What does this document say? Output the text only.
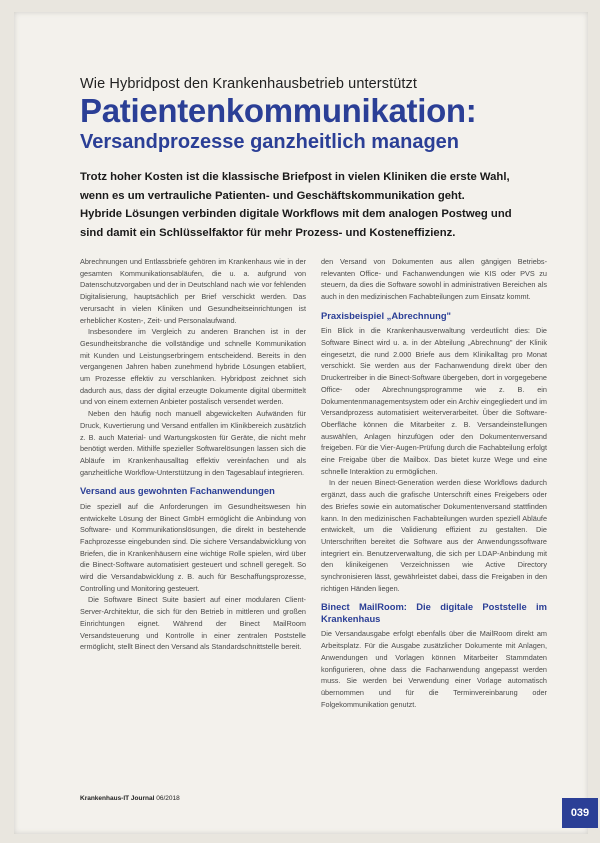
Wie Hybridpost den Krankenhausbetrieb unterstützt
Patientenkommunikation:
Versandprozesse ganzheitlich managen

Trotz hoher Kosten ist die klassische Briefpost in vielen Kliniken die erste Wahl,

wenn es um vertrauliche Patienten- und Geschäftskommunikation geht.

Hybride Lösungen verbinden digitale Workflows mit dem analogen Postweg und

sind damit ein Schlüsselfaktor für mehr Prozess- und Kosteneffizienz.

Abrechnungen und Entlassbriefe gehören im Krankenhaus wie in der gesamten Kommunikationsabläufen, die u. a. aufgrund von Datenschutzvorgaben und der in Deutschland nach wie vor fehlenden Digitalisierung, hauptsächlich per Brief verschickt werden. Das verursacht in vielen Kliniken und Gesundheitseinrichtungen ist erheblicher Kosten-, Zeit- und Personalaufwand.

Insbesondere im Vergleich zu anderen Branchen ist in der Gesundheitsbranche die vollständige und schnelle Kommunikation mit Kunden und Leistungserbringern entscheidend. Bereits in den vergangenen Jahren haben zunehmend hybride Lösungen etabliert, um Prozesse effektiv zu verschlanken. Hybridpost zeichnet sich dadurch aus, dass der digital erzeugte Dokumente digital übermittelt und von einem externen Anbieter postalisch versendet werden.

Neben den häufig noch manuell abgewickelten Aufwänden für Druck, Kuvertierung und Versand entfallen im Klinikbereich zusätzlich z. B. auch Material- und Wartungskosten für Geräte, die nicht mehr benötigt werden. Mithilfe spezieller Softwarelösungen lassen sich die Abläufe im Krankenhausalltag effektiv vereinfachen und als ganzheitliche Workflow-Unterstützung in den Tagesablauf integrieren.

Versand aus gewohnten Fachanwendungen

Die speziell auf die Anforderungen im Gesundheitswesen hin entwickelte Lösung der Binect GmbH ermöglicht die Anbindung von Software- und Kommunikationslösungen, die direkt in bestehende Fachprozesse eingebunden sind. Die sichere Versandabwicklung von Briefen, die in Krankenhäusern eine wichtige Rolle spielen, wird über die Binect-Software automatisiert gesteuert und schnell geregelt. So wird die Versandabwicklung z. B. auch für Beschaffungsprozesse, Controlling und Monitoring gesteuert.

Die Software Binect Suite basiert auf einer modularen Client-Server-Architektur, die sich für den Betrieb in mittleren und großen Einrichtungen eignet. Während der Binect MailRoom Versandsteuerung und Kontrolle in einer zentralen Poststelle ermöglicht, stellt Binect den Versand als Standardschnittstelle bereit.

den Versand von Dokumenten aus allen gängigen Betriebs-relevanten Office- und Fachanwendungen wie KIS oder PVS zu steuern, da dies die Software sowohl in administrativen Bereichen als auch in den medizinischen Fachabteilungen zum Einsatz kommt.

Praxisbeispiel „Abrechnung"

Ein Blick in die Krankenhausverwaltung verdeutlicht dies: Die Software Binect wird u. a. in der Abteilung „Abrechnung" der Klinik eingesetzt, die rund 2.000 Briefe aus dem Klinikalltag pro Monat verschickt. Sie werden aus der Fachanwendung direkt über den Druckertreiber in die Binect-Software übergeben, dort in vorgegebene Office- oder Abrechnungsprogramme wie z. B. ein Dokumentenmanagementsystem oder ein Archiv eingegliedert und im Versandprozess automatisiert weiterverarbeitet. Über die Software-Oberfläche können die Mitarbeiter z. B. Versandeinstellungen auswählen, Anlagen hinzufügen oder den Dokumentenversand freigeben. Für die Vier-Augen-Prüfung durch die Fachabteilung erfolgt eine Freigabe über die Mailbox. Das bietet kurze Wege und eine schnelle Interaktion zu ermöglichen.

In der neuen Binect-Generation werden diese Workflows dadurch ergänzt, dass auch die grafische Unterschrift eines Freigebers oder des Briefes sowie ein automatischer Dokumentenversand stattfinden kann. In den medizinischen Fachabteilungen wurden speziell Abläufe entwickelt, um die Validierung effizient zu gestalten. Die Unterschriften bereitet die Software aus der Anwendungssoftware integriert ein. Benutzerverwaltung, die sich per LDAP-Anbindung mit den klinikeigenen Verzeichnissen wie Active Directory synchronisieren lässt, gewährleistet dabei, dass die Freigaben in den richtigen Händen liegen.

Binect MailRoom: Die digitale Poststelle im Krankenhaus

Die Versandausgabe erfolgt ebenfalls über die MailRoom direkt am Arbeitsplatz. Für die Ausgabe zusätzlicher Dokumente mit Anlagen, Anwendungen und Vorlagen können Mitarbeiter Stammdaten konfigurieren, ohne dass die Fachanwendung angepasst werden muss. Sie werden bei Verwendung einer Vorlage automatisch übernommen und für die Terminvereinbarung oder Folgekommunikation genutzt.

Krankenhaus-IT Journal 06/2018
039
